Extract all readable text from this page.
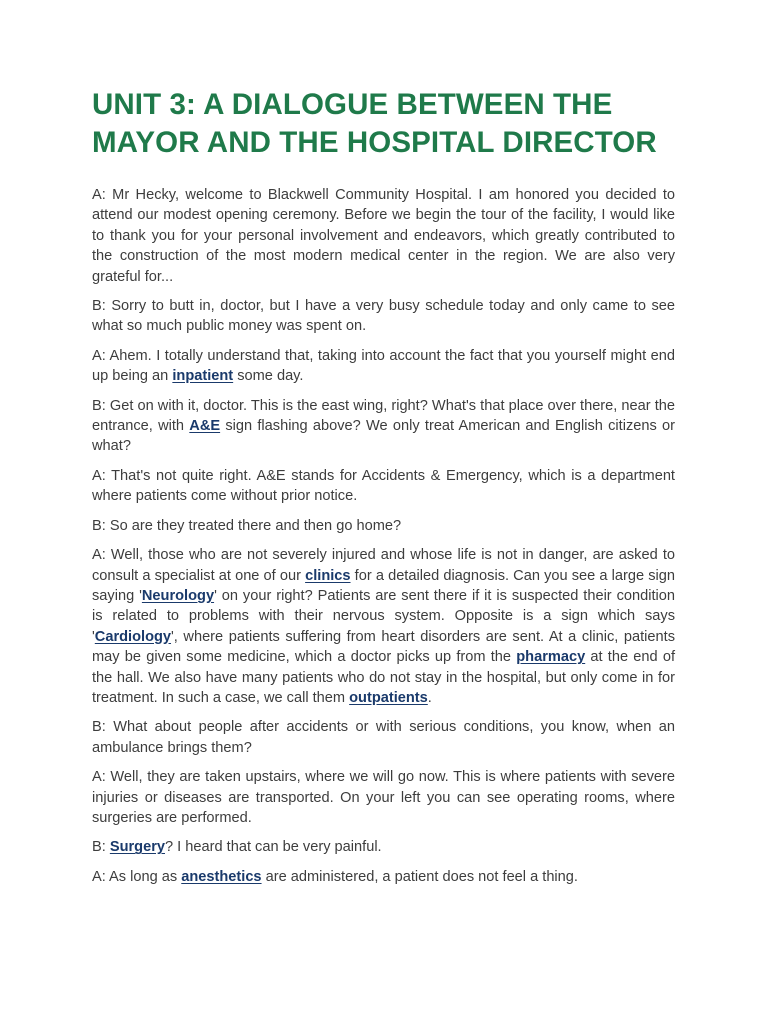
UNIT 3: A DIALOGUE BETWEEN THE MAYOR AND THE HOSPITAL DIRECTOR

A: Mr Hecky, welcome to Blackwell Community Hospital. I am honored you decided to attend our modest opening ceremony. Before we begin the tour of the facility, I would like to thank you for your personal involvement and endeavors, which greatly contributed to the construction of the most modern medical center in the region. We are also very grateful for...

B: Sorry to butt in, doctor, but I have a very busy schedule today and only came to see what so much public money was spent on.

A: Ahem. I totally understand that, taking into account the fact that you yourself might end up being an inpatient some day.

B: Get on with it, doctor. This is the east wing, right? What's that place over there, near the entrance, with A&E sign flashing above? We only treat American and English citizens or what?

A: That's not quite right. A&E stands for Accidents & Emergency, which is a department where patients come without prior notice.

B: So are they treated there and then go home?

A: Well, those who are not severely injured and whose life is not in danger, are asked to consult a specialist at one of our clinics for a detailed diagnosis. Can you see a large sign saying 'Neurology' on your right? Patients are sent there if it is suspected their condition is related to problems with their nervous system. Opposite is a sign which says 'Cardiology', where patients suffering from heart disorders are sent. At a clinic, patients may be given some medicine, which a doctor picks up from the pharmacy at the end of the hall. We also have many patients who do not stay in the hospital, but only come in for treatment. In such a case, we call them outpatients.

B: What about people after accidents or with serious conditions, you know, when an ambulance brings them?

A: Well, they are taken upstairs, where we will go now. This is where patients with severe injuries or diseases are transported. On your left you can see operating rooms, where surgeries are performed.

B: Surgery? I heard that can be very painful.

A: As long as anesthetics are administered, a patient does not feel a thing.
